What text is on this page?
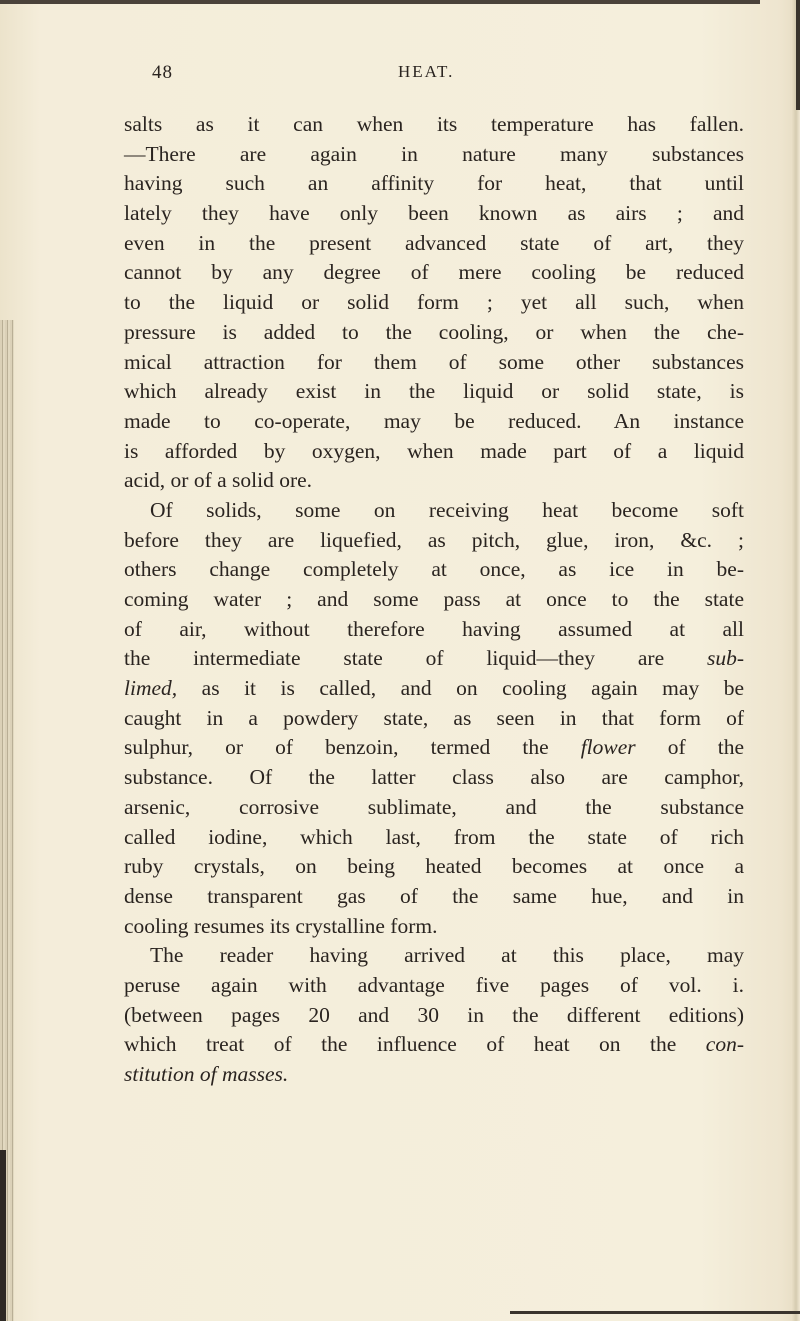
48	HEAT.
salts as it can when its temperature has fallen.
—There are again in nature many substances
having such an affinity for heat, that until
lately they have only been known as airs ; and
even in the present advanced state of art, they
cannot by any degree of mere cooling be reduced
to the liquid or solid form ; yet all such, when
pressure is added to the cooling, or when the che-
mical attraction for them of some other substances
which already exist in the liquid or solid state, is
made to co-operate, may be reduced. An instance
is afforded by oxygen, when made part of a liquid
acid, or of a solid ore.
Of solids, some on receiving heat become soft
before they are liquefied, as pitch, glue, iron, &c. ;
others change completely at once, as ice in be-
coming water ; and some pass at once to the state
of air, without therefore having assumed at all
the intermediate state of liquid—they are sub-
limed, as it is called, and on cooling again may be
caught in a powdery state, as seen in that form of
sulphur, or of benzoin, termed the flower of the
substance. Of the latter class also are camphor,
arsenic, corrosive sublimate, and the substance
called iodine, which last, from the state of rich
ruby crystals, on being heated becomes at once a
dense transparent gas of the same hue, and in
cooling resumes its crystalline form.
The reader having arrived at this place, may
peruse again with advantage five pages of vol. i.
(between pages 20 and 30 in the different editions)
which treat of the influence of heat on the con-
stitution of masses.
